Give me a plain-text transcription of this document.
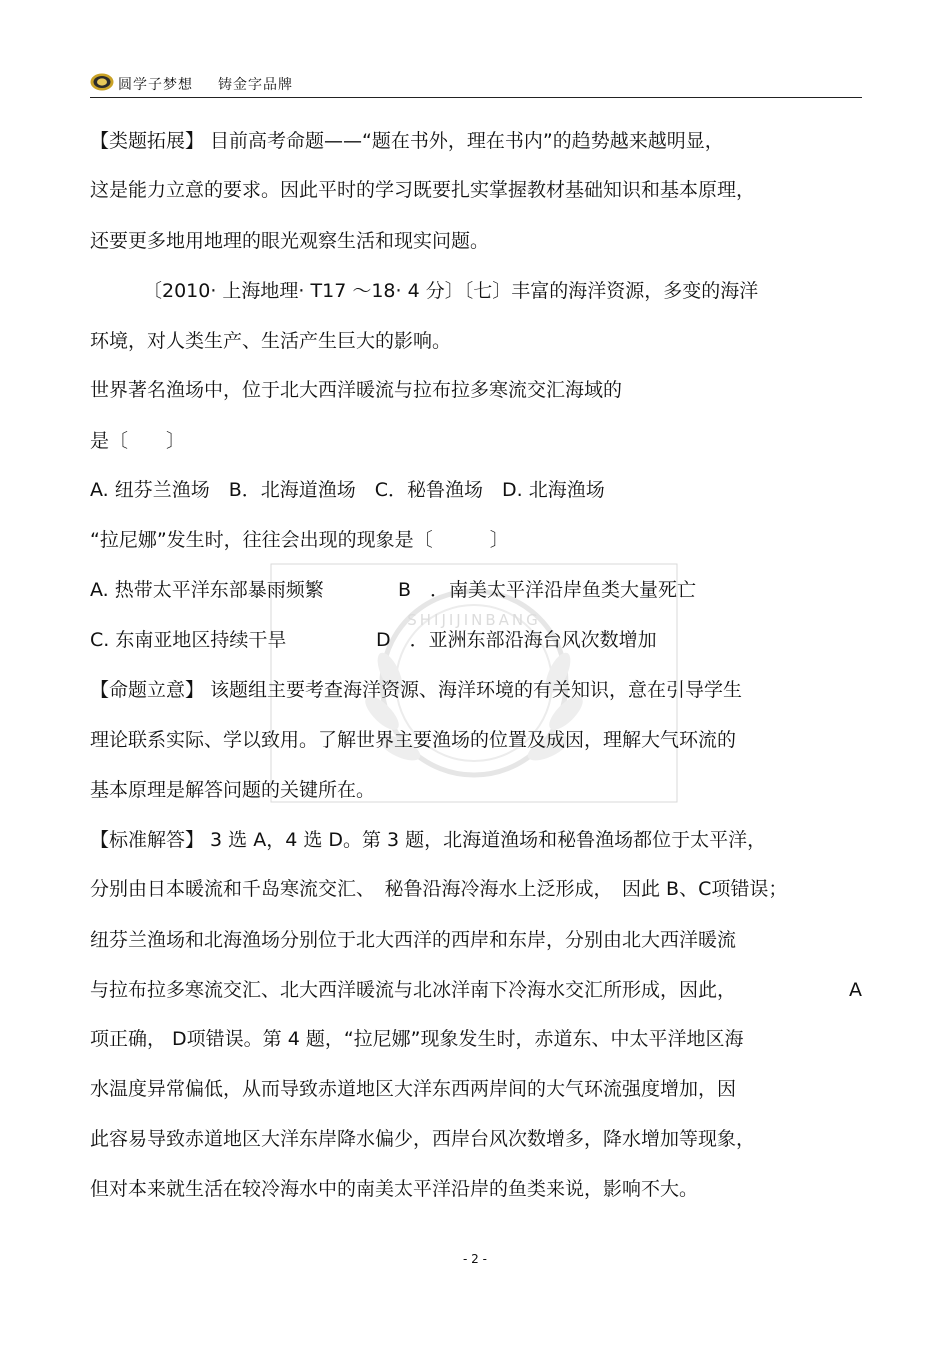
圆学子梦想 铸金字品牌
SHIJIJINBANG
【类题拓展】 目前高考命题——“题在书外，理在书内”的趋势越来越明显，
这是能力立意的要求。因此平时的学习既要扎实掌握教材基础知识和基本原理，
还要更多地用地理的眼光观察生活和现实问题。
〔2010· 上海地理· T17 ～18· 4 分〕〔七〕丰富的海洋资源，多变的海洋
环境，对人类生产、生活产生巨大的影响。
世界著名渔场中，位于北大西洋暖流与拉布拉多寒流交汇海域的
是〔　　〕
A. 纽芬兰渔场　B．北海道渔场　C．秘鲁渔场　D. 北海渔场
“拉尼娜”发生时，往往会出现的现象是〔　　　〕
A. 热带太平洋东部暴雨频繁	B　．南美太平洋沿岸鱼类大量死亡
C. 东南亚地区持续干旱	D　．亚洲东部沿海台风次数增加
【命题立意】 该题组主要考查海洋资源、海洋环境的有关知识，意在引导学生
理论联系实际、学以致用。了解世界主要渔场的位置及成因，理解大气环流的
基本原理是解答问题的关键所在。
【标准解答】 3 选 A，4 选 D。第 3 题，北海道渔场和秘鲁渔场都位于太平洋，
分别由日本暖流和千岛寒流交汇、　秘鲁沿海冷海水上泛形成，　因此 B、C项错误；
纽芬兰渔场和北海渔场分别位于北大西洋的西岸和东岸，分别由北大西洋暖流
与拉布拉多寒流交汇、北大西洋暖流与北冰洋南下冷海水交汇所形成，因此，	A
项正确， D项错误。第 4 题，“拉尼娜”现象发生时，赤道东、中太平洋地区海
水温度异常偏低，从而导致赤道地区大洋东西两岸间的大气环流强度增加，因
此容易导致赤道地区大洋东岸降水偏少，西岸台风次数增多，降水增加等现象，
但对本来就生活在较冷海水中的南美太平洋沿岸的鱼类来说，影响不大。
- 2 -
